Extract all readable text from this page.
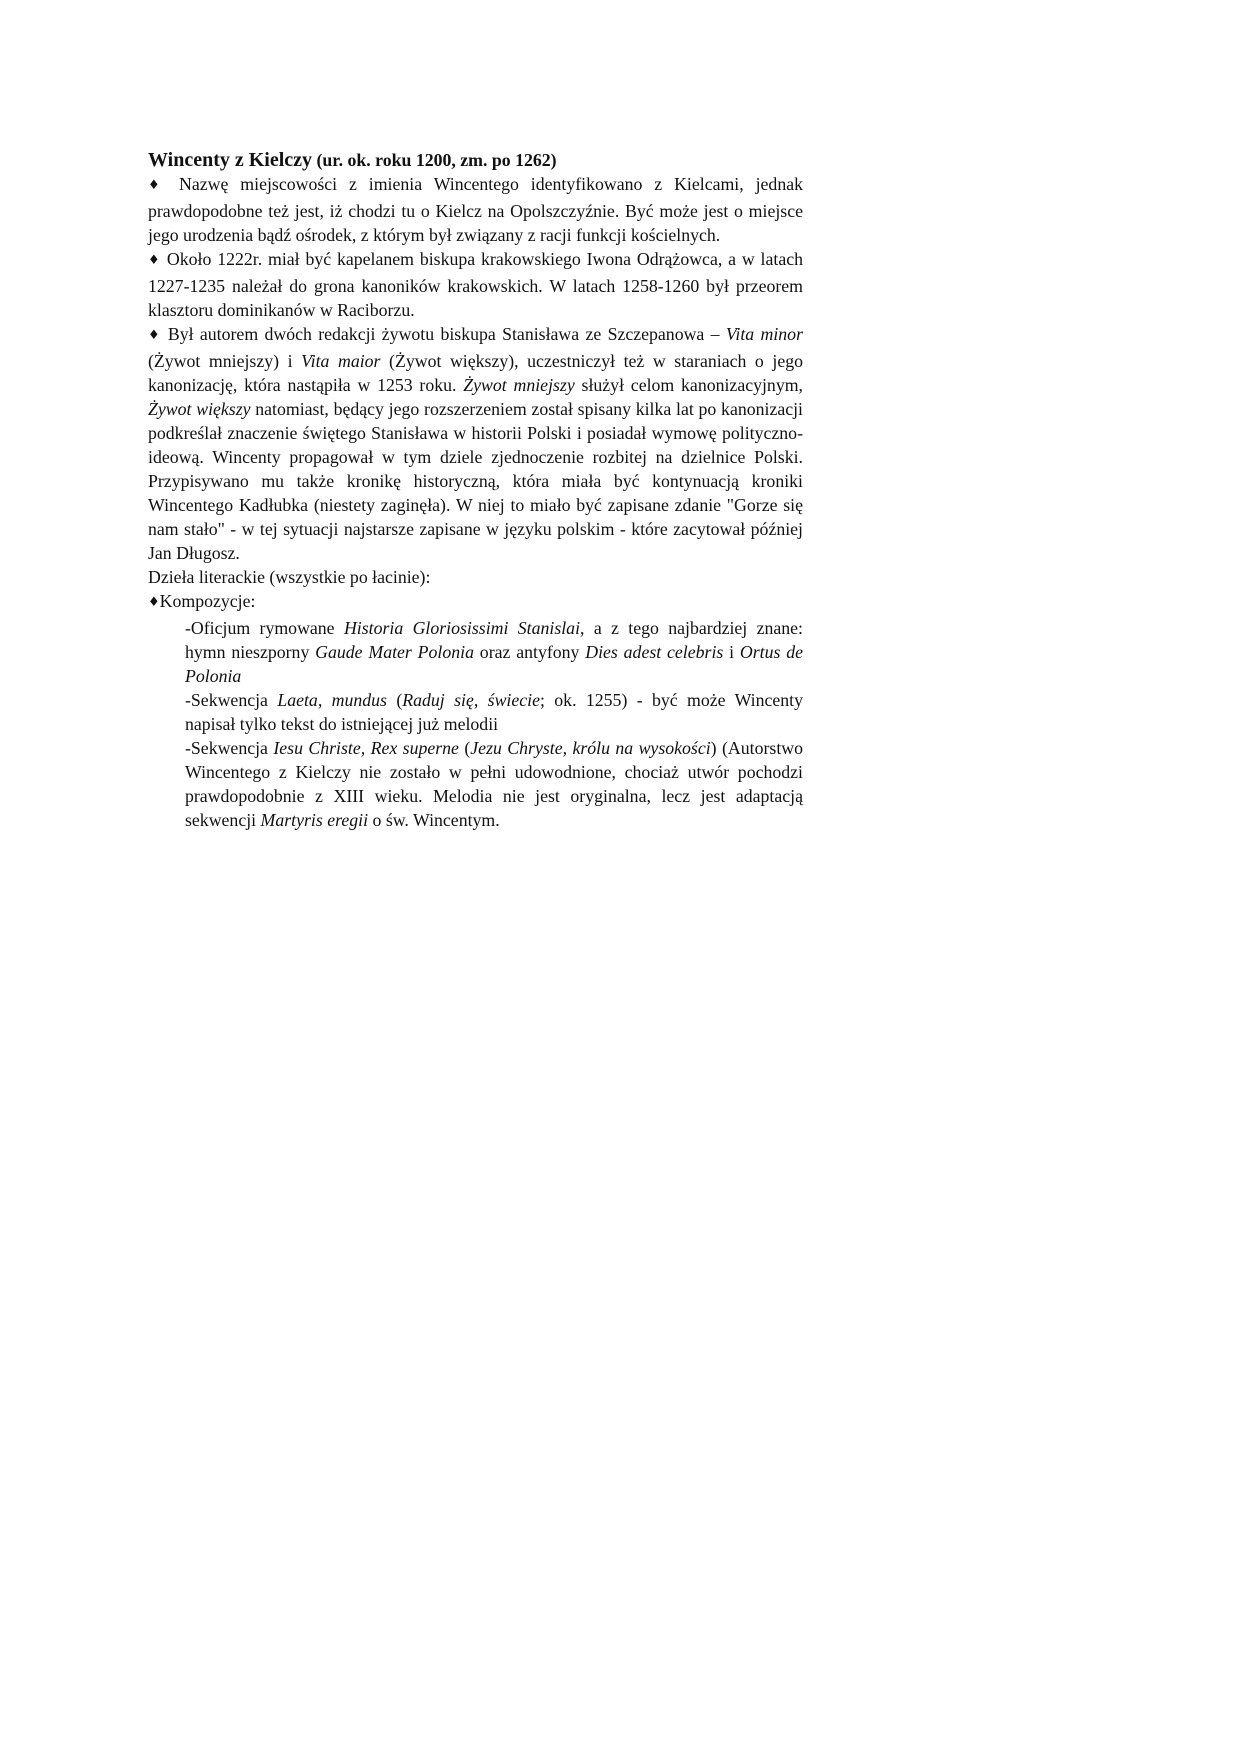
Wincenty z Kielczy (ur. ok. roku 1200, zm. po 1262)

♦ Nazwę miejscowości z imienia Wincentego identyfikowano z Kielcami, jednak prawdopodobne też jest, iż chodzi tu o Kielcz na Opolszczyźnie. Być może jest o miejsce jego urodzenia bądź ośrodek, z którym był związany z racji funkcji kościelnych.

♦ Około 1222r. miał być kapelanem biskupa krakowskiego Iwona Odrążowca, a w latach 1227-1235 należał do grona kanoników krakowskich. W latach 1258-1260 był przeorem klasztoru dominikanów w Raciborzu.

♦ Był autorem dwóch redakcji żywotu biskupa Stanisława ze Szczepanowa – Vita minor (Żywot mniejszy) i Vita maior (Żywot większy), uczestniczył też w staraniach o jego kanonizację, która nastąpiła w 1253 roku. Żywot mniejszy służył celom kanonizacyjnym, Żywot większy natomiast, będący jego rozszerzeniem został spisany kilka lat po kanonizacji podkreślał znaczenie świętego Stanisława w historii Polski i posiadał wymowę polityczno-ideową. Wincenty propagował w tym dziele zjednoczenie rozbitej na dzielnice Polski. Przypisywano mu także kronikę historyczną, która miała być kontynuacją kroniki Wincentego Kadłubka (niestety zaginęła). W niej to miało być zapisane zdanie "Gorze się nam stało" - w tej sytuacji najstarsze zapisane w języku polskim - które zacytował później Jan Długosz.

Dzieła literackie (wszystkie po łacinie):

♦Kompozycje:

-Oficjum rymowane Historia Gloriosissimi Stanislai, a z tego najbardziej znane: hymn nieszporny Gaude Mater Polonia oraz antyfony Dies adest celebris i Ortus de Polonia

-Sekwencja Laeta, mundus (Raduj się, świecie; ok. 1255) - być może Wincenty napisał tylko tekst do istniejącej już melodii

-Sekwencja Iesu Christe, Rex superne (Jezu Chryste, królu na wysokości) (Autorstwo Wincentego z Kielczy nie zostało w pełni udowodnione, chociaż utwór pochodzi prawdopodobnie z XIII wieku. Melodia nie jest oryginalna, lecz jest adaptacją sekwencji Martyris eregii o św. Wincentym.
